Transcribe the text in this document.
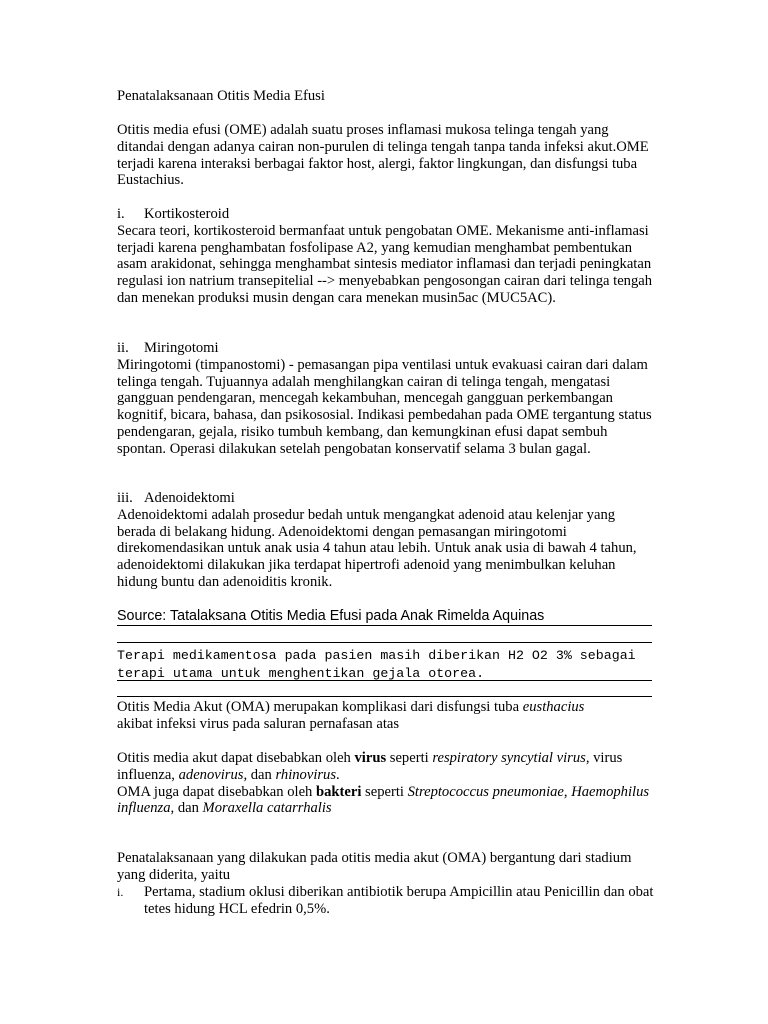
Penatalaksanaan Otitis Media Efusi
Otitis media efusi (OME) adalah suatu proses inflamasi mukosa telinga tengah yang ditandai dengan adanya cairan non-purulen di telinga tengah tanpa tanda infeksi akut.OME terjadi karena interaksi berbagai faktor host, alergi, faktor lingkungan, dan disfungsi tuba Eustachius.
i.	Kortikosteroid

Secara teori, kortikosteroid bermanfaat untuk pengobatan OME. Mekanisme anti-inflamasi terjadi karena penghambatan fosfolipase A2, yang kemudian menghambat pembentukan asam arakidonat, sehingga menghambat sintesis mediator inflamasi dan terjadi peningkatan regulasi ion natrium transepitelial --> menyebabkan pengosongan cairan dari telinga tengah dan menekan produksi musin dengan cara menekan musin5ac (MUC5AC).

ii.	Miringotomi

Miringotomi (timpanostomi) - pemasangan pipa ventilasi untuk evakuasi cairan dari dalam telinga tengah. Tujuannya adalah menghilangkan cairan di telinga tengah, mengatasi gangguan pendengaran, mencegah kekambuhan, mencegah gangguan perkembangan kognitif, bicara, bahasa, dan psikososial. Indikasi pembedahan pada OME tergantung status pendengaran, gejala, risiko tumbuh kembang, dan kemungkinan efusi dapat sembuh spontan. Operasi dilakukan setelah pengobatan konservatif selama 3 bulan gagal.

iii. Adenoidektomi

Adenoidektomi adalah prosedur bedah untuk mengangkat adenoid atau kelenjar yang berada di belakang hidung. Adenoidektomi dengan pemasangan miringotomi direkomendasikan untuk anak usia 4 tahun atau lebih. Untuk anak usia di bawah 4 tahun, adenoidektomi dilakukan jika terdapat hipertrofi adenoid yang menimbulkan keluhan hidung buntu dan adenoiditis kronik.

Source: Tatalaksana Otitis Media Efusi pada Anak Rimelda Aquinas
Terapi medikamentosa pada pasien masih diberikan H2 O2 3% sebagai terapi utama untuk menghentikan gejala otorea.

Otitis Media Akut (OMA) merupakan komplikasi dari disfungsi tuba eusthacius

akibat infeksi virus pada saluran pernafasan atas

Otitis media akut dapat disebabkan oleh virus seperti respiratory syncytial virus, virus influenza, adenovirus, dan rhinovirus.

OMA juga dapat disebabkan oleh bakteri seperti Streptococcus pneumoniae, Haemophilus influenza, dan Moraxella catarrhalis

Penatalaksanaan yang dilakukan pada otitis media akut (OMA) bergantung dari stadium yang diderita, yaitu
i. Pertama, stadium oklusi diberikan antibiotik berupa Ampicillin atau Penicillin dan obat tetes hidung HCL efedrin 0,5%.
